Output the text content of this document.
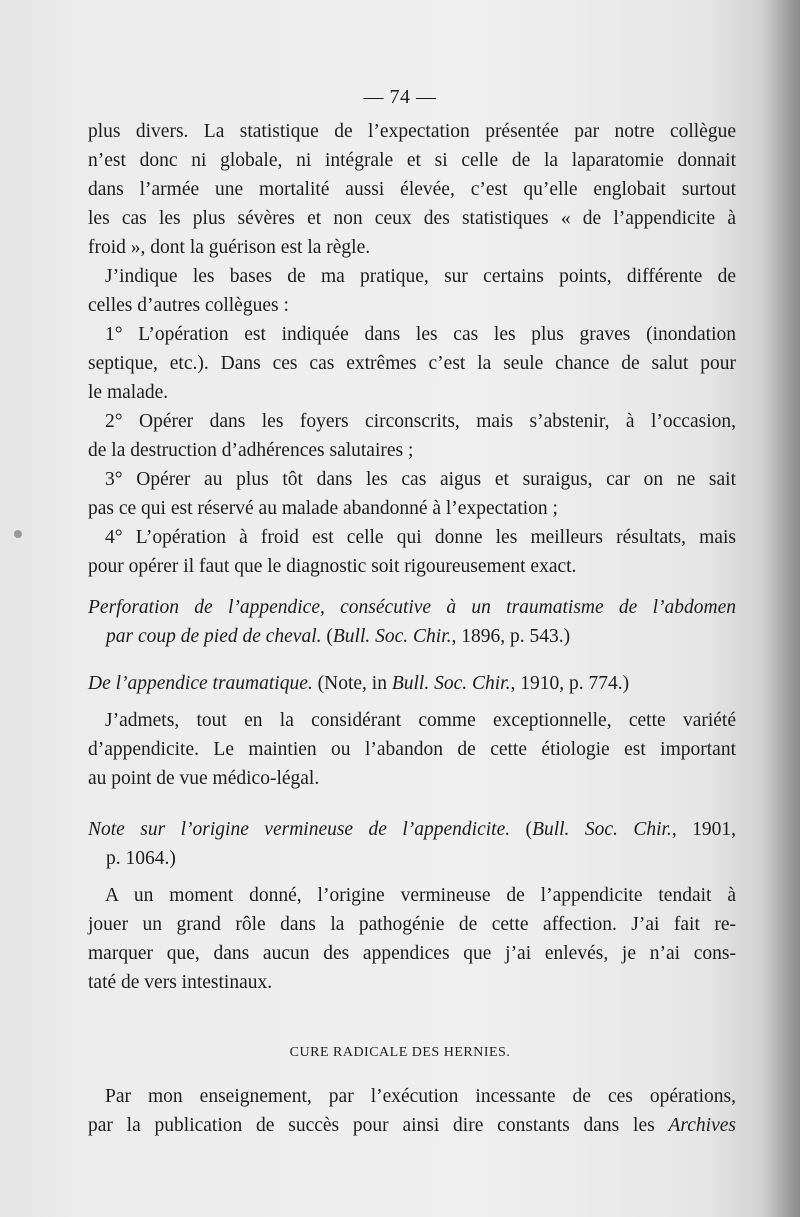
— 74 —
plus divers. La statistique de l’expectation présentée par notre collègue
n’est donc ni globale, ni intégrale et si celle de la laparatomie donnait
dans l’armée une mortalité aussi élevée, c’est qu’elle englobait surtout
les cas les plus sévères et non ceux des statistiques « de l’appendicite à
froid », dont la guérison est la règle.
J’indique les bases de ma pratique, sur certains points, différente de
celles d’autres collègues :
1° L’opération est indiquée dans les cas les plus graves (inondation
septique, etc.). Dans ces cas extrêmes c’est la seule chance de salut pour
le malade.
2° Opérer dans les foyers circonscrits, mais s’abstenir, à l’occasion,
de la destruction d’adhérences salutaires ;
3° Opérer au plus tôt dans les cas aigus et suraigus, car on ne sait
pas ce qui est réservé au malade abandonné à l’expectation ;
4° L’opération à froid est celle qui donne les meilleurs résultats, mais
pour opérer il faut que le diagnostic soit rigoureusement exact.
Perforation de l’appendice, consécutive à un traumatisme de l’abdomen
par coup de pied de cheval. (Bull. Soc. Chir., 1896, p. 543.)
De l’appendice traumatique. (Note, in Bull. Soc. Chir., 1910, p. 774.)
J’admets, tout en la considérant comme exceptionnelle, cette variété
d’appendicite. Le maintien ou l’abandon de cette étiologie est important
au point de vue médico-légal.
Note sur l’origine vermineuse de l’appendicite. (Bull. Soc. Chir., 1901,
p. 1064.)
A un moment donné, l’origine vermineuse de l’appendicite tendait à
jouer un grand rôle dans la pathogénie de cette affection. J’ai fait re-
marquer que, dans aucun des appendices que j’ai enlevés, je n’ai cons-
taté de vers intestinaux.
CURE RADICALE DES HERNIES.
Par mon enseignement, par l’exécution incessante de ces opérations,
par la publication de succès pour ainsi dire constants dans les Archives
